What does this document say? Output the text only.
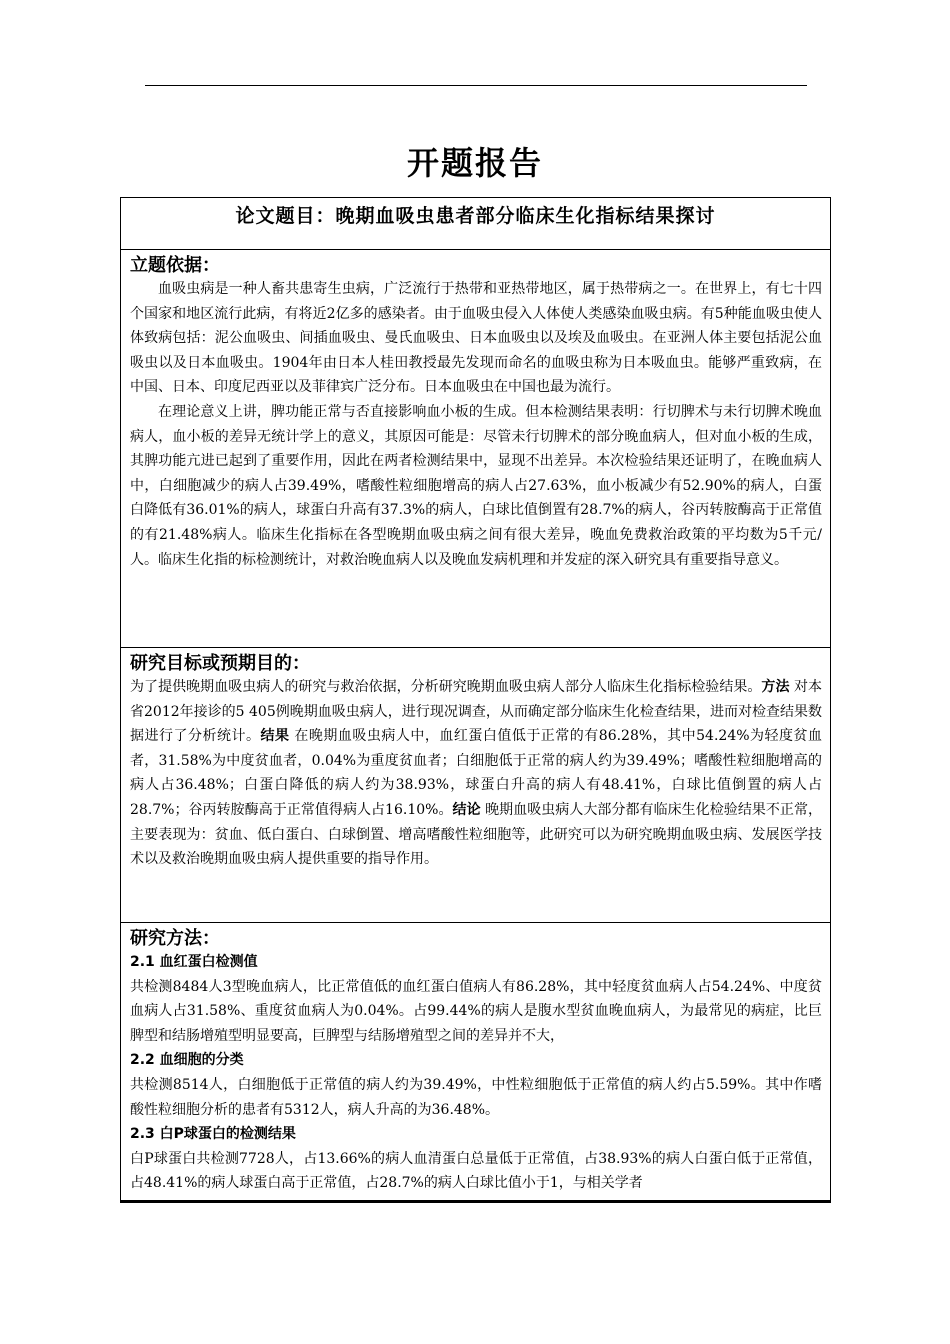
开题报告
论文题目：晚期血吸虫患者部分临床生化指标结果探讨
立题依据：

血吸虫病是一种人畜共患寄生虫病，广泛流行于热带和亚热带地区，属于热带病之一。在世界上，有七十四个国家和地区流行此病，有将近2亿多的感染者。由于血吸虫侵入人体使人类感染血吸虫病。有5种能血吸虫使人体致病包括：泥公血吸虫、间插血吸虫、曼氏血吸虫、日本血吸虫以及埃及血吸虫。在亚洲人体主要包括泥公血吸虫以及日本血吸虫。1904年由日本人桂田教授最先发现而命名的血吸虫称为日本吸血虫。能够严重致病，在中国、日本、印度尼西亚以及菲律宾广泛分布。日本血吸虫在中国也最为流行。

在理论意义上讲，脾功能正常与否直接影响血小板的生成。但本检测结果表明：行切脾术与未行切脾术晚血病人，血小板的差异无统计学上的意义，其原因可能是：尽管未行切脾术的部分晚血病人，但对血小板的生成，其脾功能亢进已起到了重要作用，因此在两者检测结果中，显现不出差异。本次检验结果还证明了，在晚血病人中，白细胞减少的病人占39.49%，嗜酸性粒细胞增高的病人占27.63%，血小板减少有52.90%的病人，白蛋白降低有36.01%的病人，球蛋白升高有37.3%的病人，白球比值倒置有28.7%的病人，谷丙转胺酶高于正常值的有21.48%病人。临床生化指标在各型晚期血吸虫病之间有很大差异，晚血免费救治政策的平均数为5千元/人。临床生化指的标检测统计，对救治晚血病人以及晚血发病机理和并发症的深入研究具有重要指导意义。

研究目标或预期目的：

为了提供晚期血吸虫病人的研究与救治依据，分析研究晚期血吸虫病人部分人临床生化指标检验结果。方法 对本省2012年接诊的5 405例晚期血吸虫病人，进行现况调查，从而确定部分临床生化检查结果，进而对检查结果数据进行了分析统计。结果 在晚期血吸虫病人中，血红蛋白值低于正常的有86.28%，其中54.24%为轻度贫血者，31.58%为中度贫血者，0.04%为重度贫血者；白细胞低于正常的病人约为39.49%；嗜酸性粒细胞增高的病人占36.48%；白蛋白降低的病人约为38.93%，球蛋白升高的病人有48.41%，白球比值倒置的病人占28.7%；谷丙转胺酶高于正常值得病人占16.10%。结论 晚期血吸虫病人大部分都有临床生化检验结果不正常，主要表现为：贫血、低白蛋白、白球倒置、增高嗜酸性粒细胞等，此研究可以为研究晚期血吸虫病、发展医学技术以及救治晚期血吸虫病人提供重要的指导作用。

研究方法：
2.1 血红蛋白检测值

共检测8484人3型晚血病人，比正常值低的血红蛋白值病人有86.28%，其中轻度贫血病人占54.24%、中度贫血病人占31.58%、重度贫血病人为0.04%。占99.44%的病人是腹水型贫血晚血病人，为最常见的病症，比巨脾型和结肠增殖型明显要高，巨脾型与结肠增殖型之间的差异并不大，

2.2 血细胞的分类

共检测8514人，白细胞低于正常值的病人约为39.49%，中性粒细胞低于正常值的病人约占5.59%。其中作嗜酸性粒细胞分析的患者有5312人，病人升高的为36.48%。

2.3 白P球蛋白的检测结果

白P球蛋白共检测7728人，占13.66%的病人血清蛋白总量低于正常值，占38.93%的病人白蛋白低于正常值，占48.41%的病人球蛋白高于正常值，占28.7%的病人白球比值小于1，与相关学者
